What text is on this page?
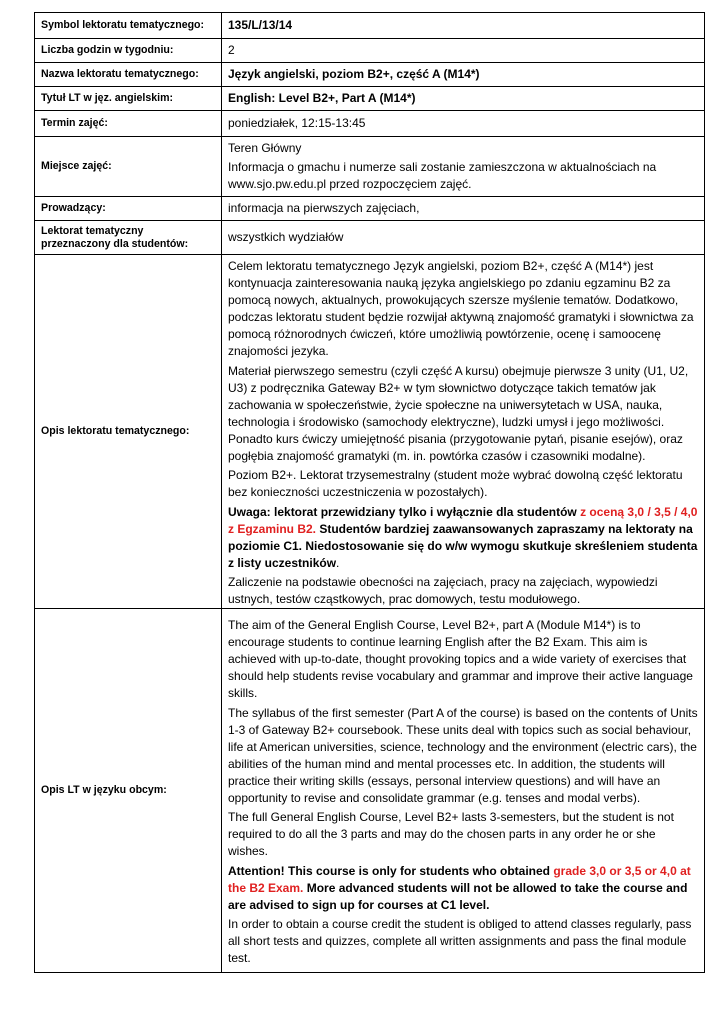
Symbol lektoratu tematycznego:	135/L/13/14
Liczba godzin w tygodniu:	2
Nazwa lektoratu tematycznego:	Język angielski, poziom B2+, część A (M14*)
Tytuł LT w jęz. angielskim:	English: Level B2+, Part A (M14*)
Termin zajęć:	poniedziałek, 12:15-13:45
Miejsce zajęć:	Teren Główny

Informacja o gmachu i numerze sali zostanie zamieszczona w aktualnościach na www.sjo.pw.edu.pl przed rozpoczęciem zajęć.

Prowadzący:	informacja na pierwszych zajęciach,
Lektorat tematyczny przeznaczony dla studentów:	wszystkich wydziałów
Opis lektoratu tematycznego:	Celem lektoratu tematycznego Język angielski, poziom B2+, część A (M14*) jest kontynuacja zainteresowania nauką języka angielskiego po zdaniu egzaminu B2 za pomocą nowych, aktualnych, prowokujących szersze myślenie tematów. Dodatkowo, podczas lektoratu student będzie rozwijał aktywną znajomość gramatyki i słownictwa za pomocą różnorodnych ćwiczeń, które umożliwią powtórzenie, ocenę i samoocenę znajomości jezyka.

Materiał pierwszego semestru (czyli część A kursu) obejmuje pierwsze 3 unity (U1, U2, U3) z podręcznika Gateway B2+ w tym słownictwo dotyczące takich tematów jak zachowania w społeczeństwie, życie społeczne na uniwersytetach w USA, nauka, technologia i środowisko (samochody elektryczne), ludzki umysł i jego możliwości. Ponadto kurs ćwiczy umiejętność pisania (przygotowanie pytań, pisanie esejów), oraz pogłębia znajomość gramatyki (m. in. powtórka czasów i czasowniki modalne).

Poziom B2+. Lektorat trzysemestralny (student może wybrać dowolną część lektoratu bez konieczności uczestniczenia w pozostałych).

Uwaga: lektorat przewidziany tylko i wyłącznie dla studentów z oceną 3,0 / 3,5 / 4,0 z Egzaminu B2. Studentów bardziej zaawansowanych zapraszamy na lektoraty na poziomie C1. Niedostosowanie się do w/w wymogu skutkuje skreśleniem studenta z listy uczestników.

Zaliczenie na podstawie obecności na zajęciach, pracy na zajęciach, wypowiedzi ustnych, testów cząstkowych, prac domowych, testu modułowego.

Opis LT w języku obcym:	The aim of the General English Course, Level B2+, part A (Module M14*) is to encourage students to continue learning English after the B2 Exam. This aim is achieved with up-to-date, thought provoking topics and a wide variety of exercises that should help students revise vocabulary and grammar and improve their active language skills.

The syllabus of the first semester (Part A of the course) is based on the contents of Units 1-3 of Gateway B2+ coursebook. These units deal with topics such as social behaviour, life at American universities, science, technology and the environment (electric cars), the abilities of the human mind and mental processes etc. In addition, the students will practice their writing skills (essays, personal interview questions) and will have an opportunity to revise and consolidate grammar (e.g. tenses and modal verbs).

The full General English Course, Level B2+ lasts 3-semesters, but the student is not required to do all the 3 parts and may do the chosen parts in any order he or she wishes.

Attention! This course is only for students who obtained grade 3,0 or 3,5 or 4,0 at the B2 Exam. More advanced students will not be allowed to take the course and are advised to sign up for courses at C1 level.

In order to obtain a course credit the student is obliged to attend classes regularly, pass all short tests and quizzes, complete all written assignments and pass the final module test.
